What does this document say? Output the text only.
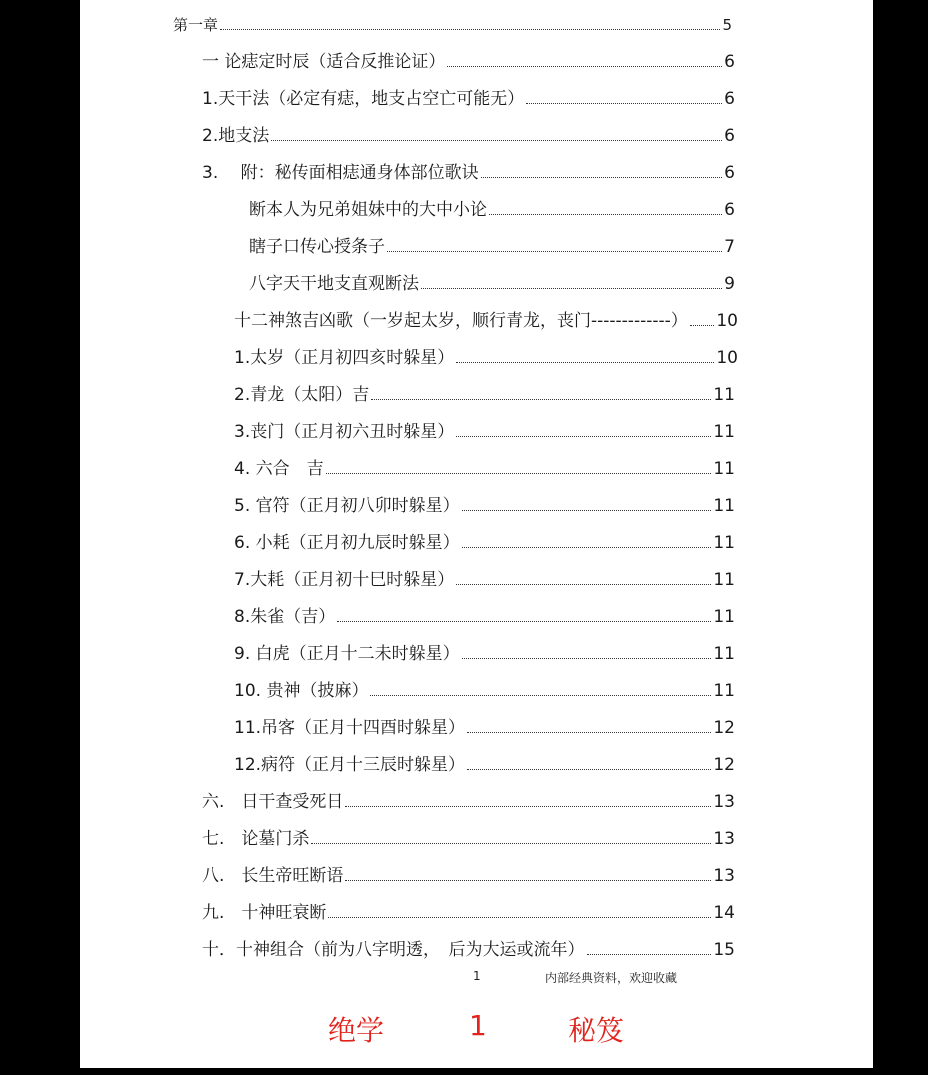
第一章	5
一 论痣定时辰（适合反推论证）	6
1.天干法（必定有痣，地支占空亡可能无）	6
2.地支法	6
3.　 附：秘传面相痣通身体部位歌诀	6
断本人为兄弟姐妹中的大中小论	6
瞎子口传心授条子	7
八字天干地支直观断法	9
十二神煞吉凶歌（一岁起太岁，顺行青龙，丧门-------------） 10
1.太岁（正月初四亥时躲星）	10
2.青龙（太阳）吉	11
3.丧门（正月初六丑时躲星）	11
4. 六合　吉	11
5. 官符（正月初八卯时躲星）	11
6. 小耗（正月初九辰时躲星）	11
7.大耗（正月初十巳时躲星）	11
8.朱雀（吉）	11
9. 白虎（正月十二未时躲星）	11
10. 贵神（披麻）	11
11.吊客（正月十四酉时躲星）	12
12.病符（正月十三辰时躲星）	12
六.　日干查受死日	13
七.　论墓门杀	13
八.　长生帝旺断语	13
九.　十神旺衰断	14
十．十神组合（前为八字明透，　后为大运或流年）	15
1	内部经典资料，欢迎收藏
绝学	1	秘笈
